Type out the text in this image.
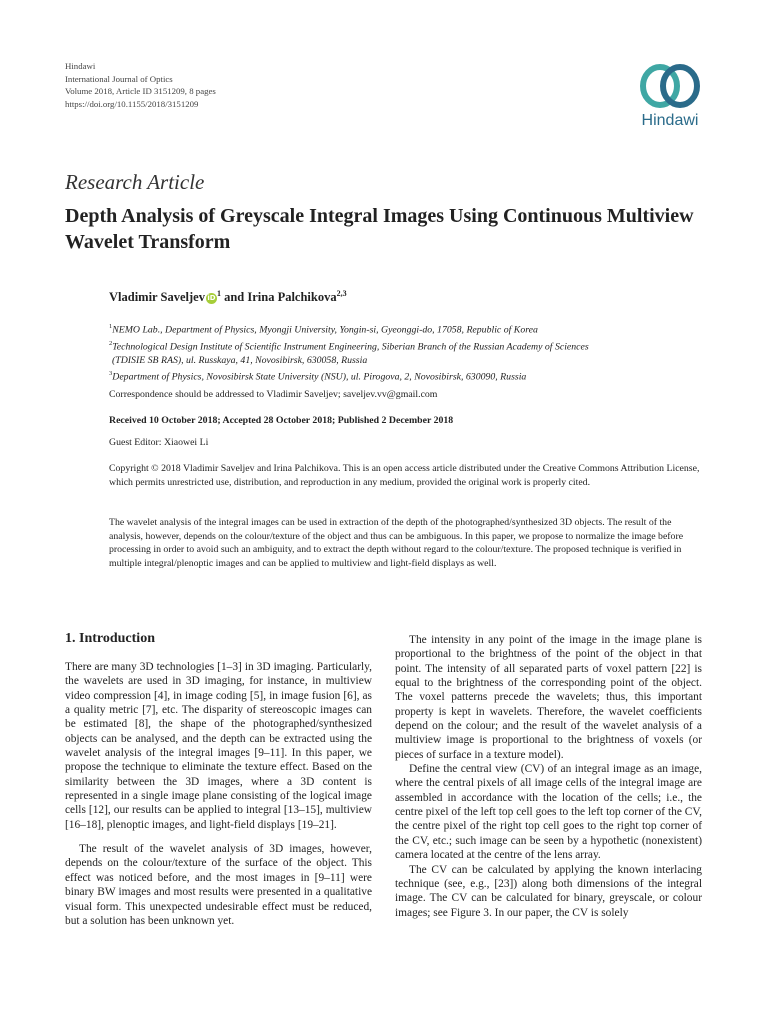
Hindawi
International Journal of Optics
Volume 2018, Article ID 3151209, 8 pages
https://doi.org/10.1155/2018/3151209
Hindawi
Research Article
Depth Analysis of Greyscale Integral Images Using Continuous Multiview Wavelet Transform
Vladimir Saveljev $iD^1$ and Irina Palchikova$^{2,3}$
$^1$NEMO Lab., Department of Physics, Myongji University, Yongin-si, Gyeonggi-do, 17058, Republic of Korea
$^2$Technological Design Institute of Scientific Instrument Engineering, Siberian Branch of the Russian Academy of Sciences
(TDISIE SB RAS), ul. Russkaya, 41, Novosibirsk, 630058, Russia
$^3$Department of Physics, Novosibirsk State University (NSU), ul. Pirogova, 2, Novosibirsk, 630090, Russia
Correspondence should be addressed to Vladimir Saveljev; saveljev.vv@gmail.com
Received 10 October 2018; Accepted 28 October 2018; Published 2 December 2018
Guest Editor: Xiaowei Li
Copyright © 2018 Vladimir Saveljev and Irina Palchikova. This is an open access article distributed under the Creative Commons Attribution License, which permits unrestricted use, distribution, and reproduction in any medium, provided the original work is properly cited.
The wavelet analysis of the integral images can be used in extraction of the depth of the photographed/synthesized 3D objects. The result of the analysis, however, depends on the colour/texture of the object and thus can be ambiguous. In this paper, we propose to normalize the image before processing in order to avoid such an ambiguity, and to extract the depth without regard to the colour/texture. The proposed technique is verified in multiple integral/plenoptic images and can be applied to multiview and light-field displays as well.
1. Introduction

There are many 3D technologies [1–3] in 3D imaging. Particularly, the wavelets are used in 3D imaging, for instance, in multiview video compression [4], in image coding [5], in image fusion [6], as a quality metric [7], etc. The disparity of stereoscopic images can be estimated [8], the shape of the photographed/synthesized objects can be analysed, and the depth can be extracted using the wavelet analysis of the integral images [9–11]. In this paper, we propose the technique to eliminate the texture effect. Based on the similarity between the 3D images, where a 3D content is represented in a single image plane consisting of the logical image cells [12], our results can be applied to integral [13–15], multiview [16–18], plenoptic images, and light-field displays [19–21].

The result of the wavelet analysis of 3D images, however, depends on the colour/texture of the surface of the object. This effect was noticed before, and the most images in [9–11] were binary BW images and most results were presented in a qualitative visual form. This unexpected undesirable effect must be reduced, but a solution has been unknown yet.

The intensity in any point of the image in the image plane is proportional to the brightness of the point of the object in that point. The intensity of all separated parts of voxel pattern [22] is equal to the brightness of the corresponding point of the object. The voxel patterns precede the wavelets; thus, this important property is kept in wavelets. Therefore, the wavelet coefficients depend on the colour; and the result of the wavelet analysis of a multiview image is proportional to the brightness of voxels (or pieces of surface in a texture model).

Define the central view (CV) of an integral image as an image, where the central pixels of all image cells of the integral image are assembled in accordance with the location of the cells; i.e., the centre pixel of the left top cell goes to the left top corner of the CV, the centre pixel of the right top cell goes to the right top corner of the CV, etc.; such image can be seen by a hypothetic (nonexistent) camera located at the centre of the lens array.

The CV can be calculated by applying the known interlacing technique (see, e.g., [23]) along both dimensions of the integral image. The CV can be calculated for binary, greyscale, or colour images; see Figure 3. In our paper, the CV is solely
